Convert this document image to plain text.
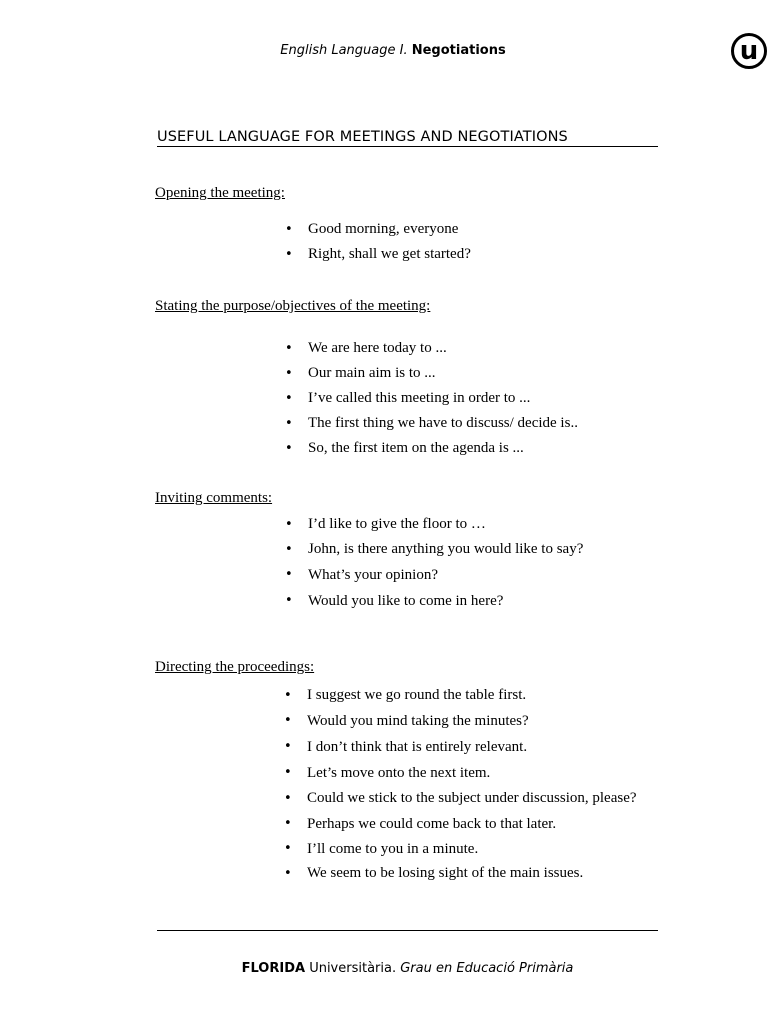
English Language I. Negotiations	u
USEFUL LANGUAGE FOR MEETINGS AND NEGOTIATIONS
Opening the meeting:
• Good morning, everyone
• Right, shall we get started?
Stating the purpose/objectives of the meeting:
• We are here today to ...
• Our main aim is to ...
• I’ve called this meeting in order to ...
• The first thing we have to discuss/ decide is..
• So, the first item on the agenda is ...
Inviting comments:
• I’d like to give the floor to …
• John, is there anything you would like to say?
• What’s your opinion?
• Would you like to come in here?
Directing the proceedings:
• I suggest we go round the table first.
• Would you mind taking the minutes?
• I don’t think that is entirely relevant.
• Let’s move onto the next item.
• Could we stick to the subject under discussion, please?
• Perhaps we could come back to that later.
• I’ll come to you in a minute.
• We seem to be losing sight of the main issues.
FLORIDA Universitària. Grau en Educació Primària
